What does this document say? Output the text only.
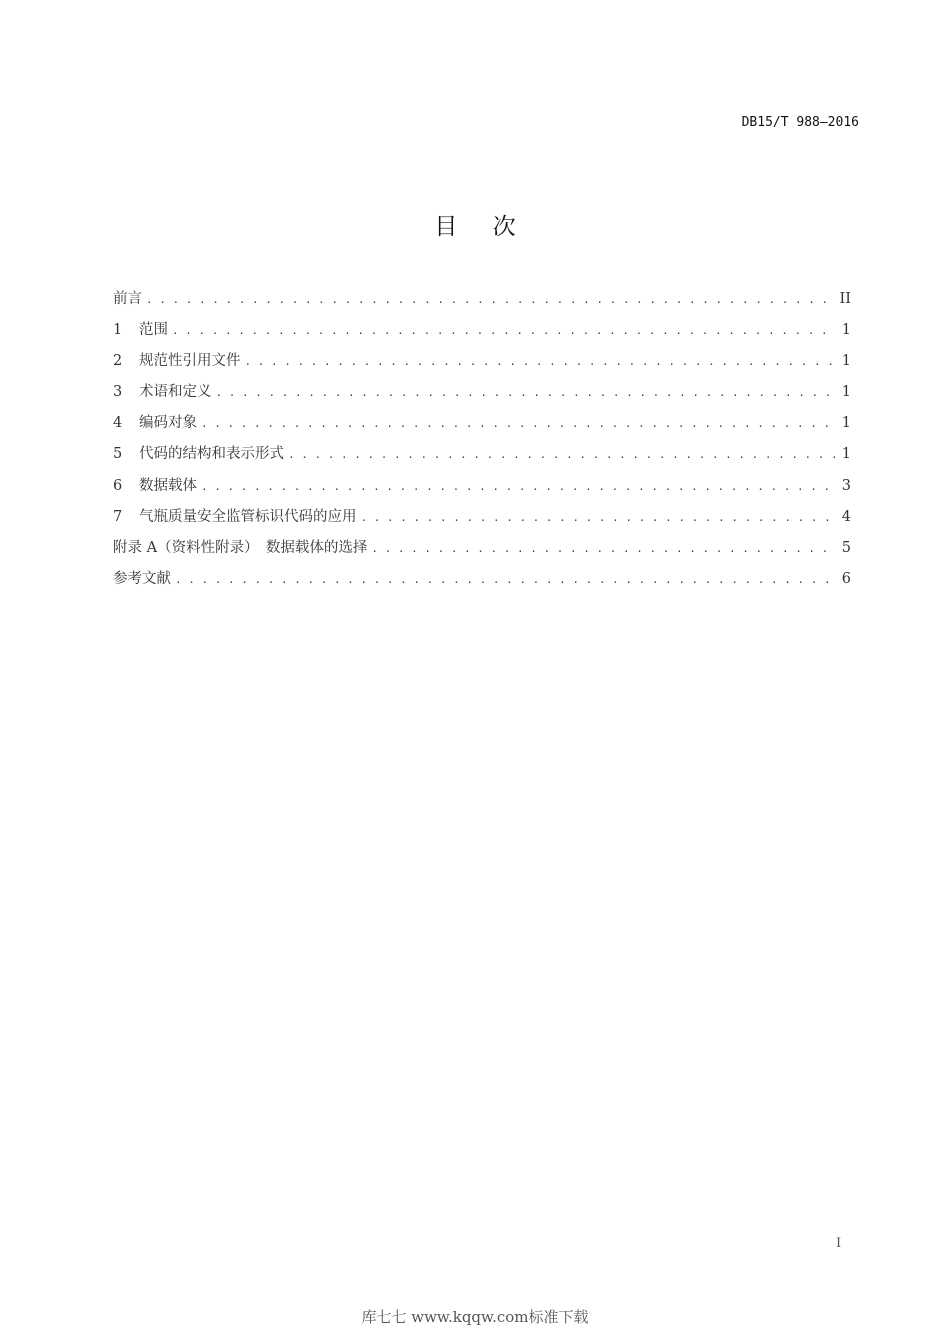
DB15/T 988—2016
目 次
前言 . . .	II
1	范围 . . .	1
2	规范性引用文件 . . .	1
3	术语和定义 . . .	1
4	编码对象 . . .	1
5	代码的结构和表示形式 . . .	1
6	数据载体 . . .	3
7	气瓶质量安全监管标识代码的应用 . . .	4
附录 A（资料性附录）　数据载体的选择 . . .	5
参考文献 . . .	6
I
库七七 www.kqqw.com标准下载
